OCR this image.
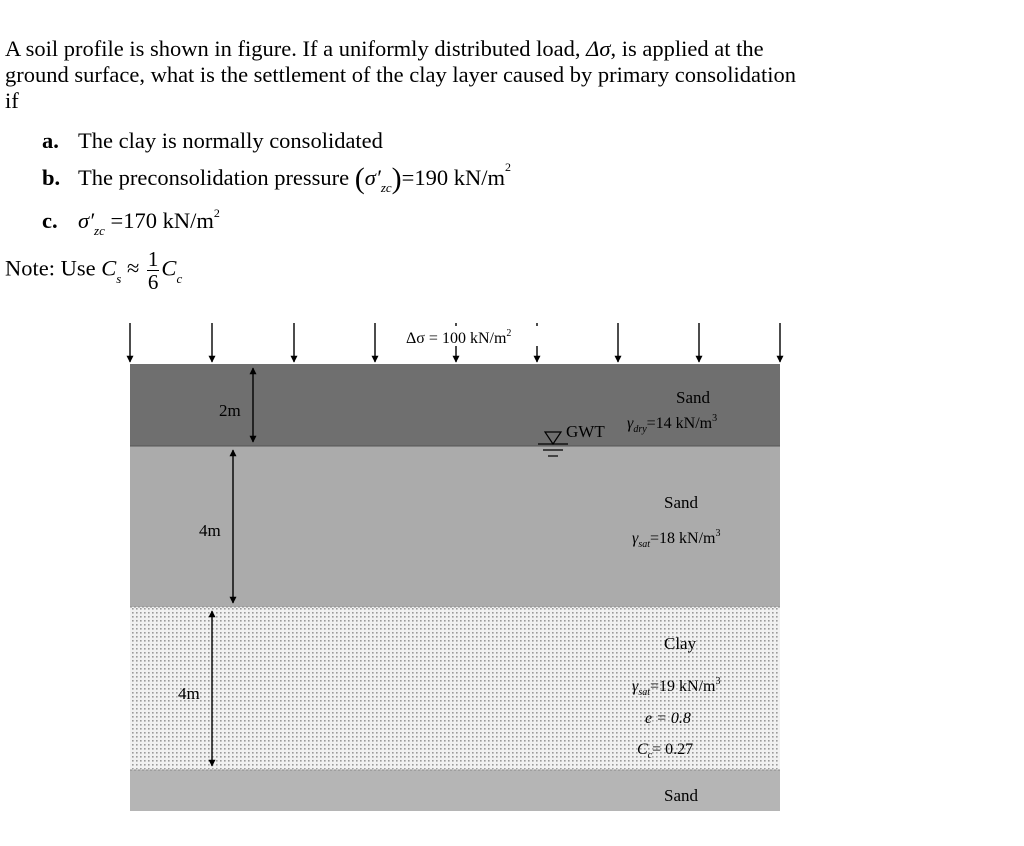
A soil profile is shown in figure. If a uniformly distributed load, Δσ, is applied at the
ground surface, what is the settlement of the clay layer caused by primary consolidation
if
a. The clay is normally consolidated
b. The preconsolidation pressure $(\sigma'_{zc})=190$ $kN/m^2$
c. $\sigma'_{zc} =170$ $kN/m^2$
Note: Use $C_s \approx \frac{1}{6} C_c$
Δσ = 100 $kN/m^2$
2m
4m
4m
GWT
Sand
$\gamma_{dry}=14$ $kN/m^3$
Sand
$\gamma_{sat}=18$ $kN/m^3$
Clay
$\gamma_{sat}=19$ $kN/m^3$
e = 0.8
$C_c= 0.27$
Sand
